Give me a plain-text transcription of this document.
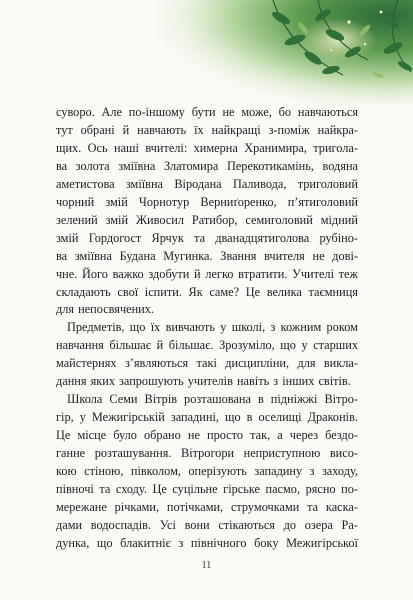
суворо. Але по-іншому бути не може, бо навчаються
тут обрані й навчають їх найкращі з-поміж найкра-
щих. Ось наші вчителі: химерна Хранимира, тригола-
ва золота зміївна Златомира Перекотикамінь, водяна
аметистова зміївна Віродана Паливода, триголовий
чорний змій Чорнотур Верниґоренко, п’ятиголовий
зелений змій Живосил Ратибор, семиголовий мідний
змій Гордогост Ярчук та дванадцятиголова рубіно-
ва зміївна Будана Мугинка. Звання вчителя не дові-
чне. Його важко здобути й легко втратити. Учителі теж
складають свої іспити. Як саме? Це велика таємниця
для непосвячених.
Предметів, що їх вивчають у школі, з кожним роком
навчання більшає й більшає. Зрозуміло, що у старших
майстернях з’являються такі дисципліни, для викла-
дання яких запрошують учителів навіть з інших світів.
Школа Семи Вітрів розташована в підніжжі Вітро-
гір, у Межигірській западині, що в оселищі Драконів.
Це місце було обрано не просто так, а через бездо-
ганне розташування. Вітрогори неприступною висо-
кою стіною, півколом, оперізують западину з заходу,
півночі та сходу. Це суцільне гірське пасмо, рясно по-
мережане річками, потічками, струмочками та каска-
дами водоспадів. Усі вони стікаються до озера Ра-
дунка, що блакитніє з північного боку Межигірської
11
